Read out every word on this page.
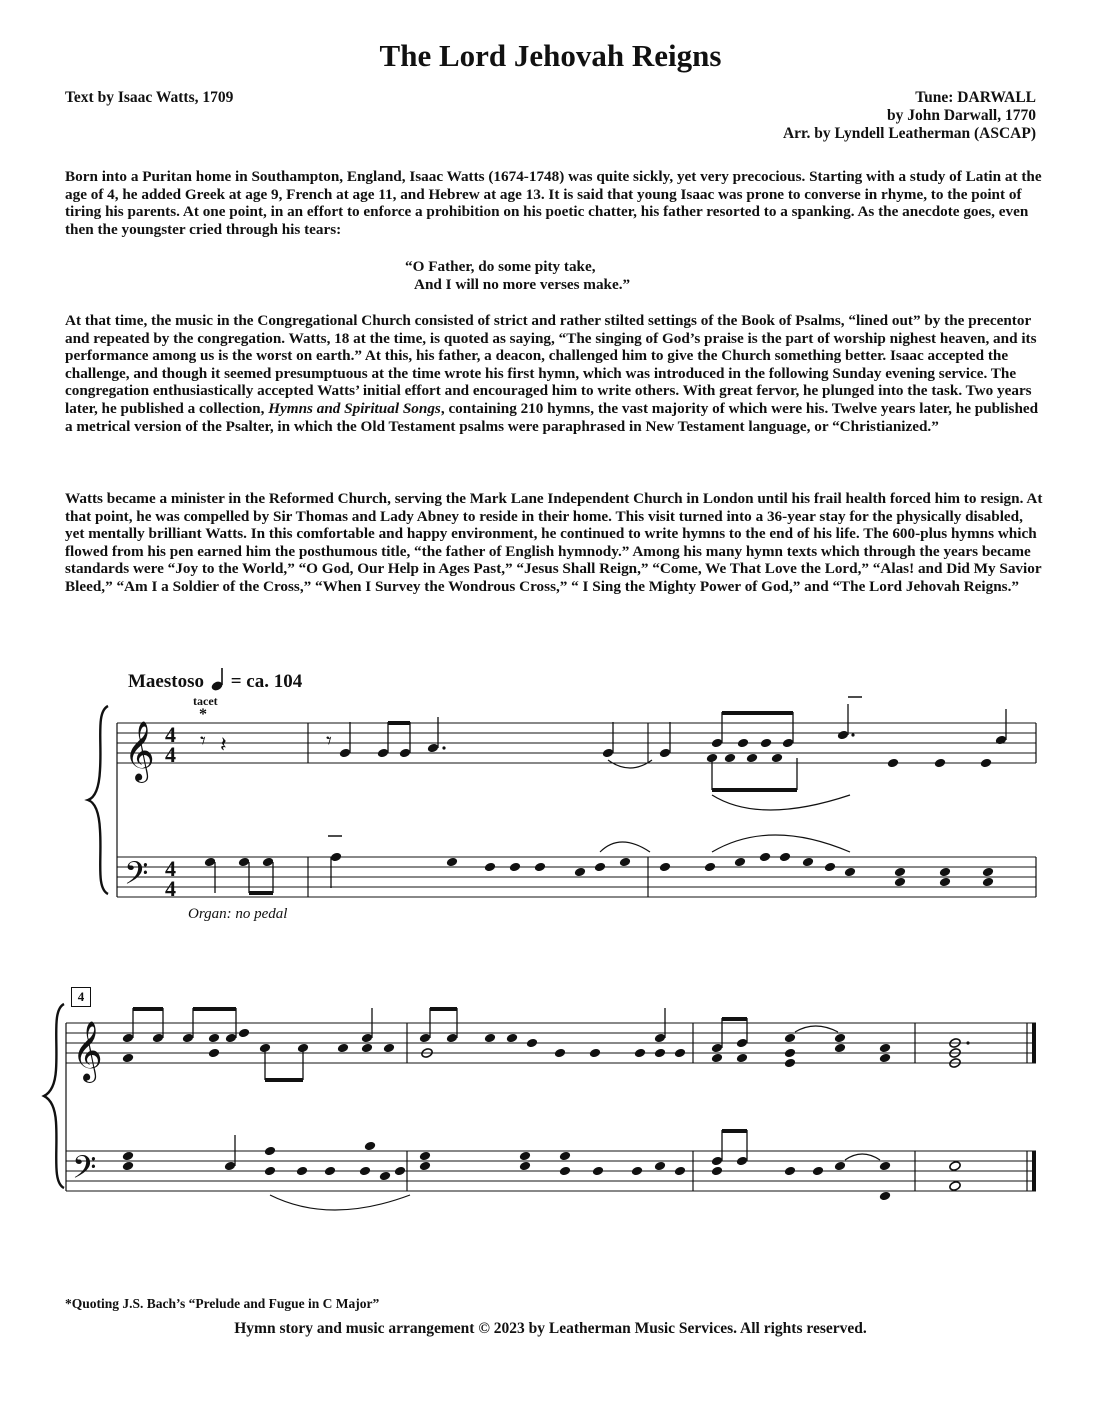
The Lord Jehovah Reigns
Text by Isaac Watts, 1709	Tune: DARWALL
by John Darwall, 1770
Arr. by Lyndell Leatherman (ASCAP)

Born into a Puritan home in Southampton, England, Isaac Watts (1674-1748) was quite sickly, yet very precocious. Starting with a study of Latin at the age of 4, he added Greek at age 9, French at age 11, and Hebrew at age 13. It is said that young Isaac was prone to converse in rhyme, to the point of tiring his parents. At one point, in an effort to enforce a prohibition on his poetic chatter, his father resorted to a spanking. As the anecdote goes, even then the youngster cried through his tears:

“O Father, do some pity take,
And I will no more verses make.”

At that time, the music in the Congregational Church consisted of strict and rather stilted settings of the Book of Psalms, “lined out” by the precentor and repeated by the congregation. Watts, 18 at the time, is quoted as saying, “The singing of God’s praise is the part of worship nighest heaven, and its performance among us is the worst on earth.” At this, his father, a deacon, challenged him to give the Church something better. Isaac accepted the challenge, and though it seemed presumptuous at the time wrote his first hymn, which was introduced in the following Sunday evening service. The congregation enthusiastically accepted Watts’ initial effort and encouraged him to write others. With great fervor, he plunged into the task. Two years later, he published a collection, Hymns and Spiritual Songs, containing 210 hymns, the vast majority of which were his. Twelve years later, he published a metrical version of the Psalter, in which the Old Testament psalms were paraphrased in New Testament language, or “Christianized.”

Watts became a minister in the Reformed Church, serving the Mark Lane Independent Church in London until his frail health forced him to resign. At that point, he was compelled by Sir Thomas and Lady Abney to reside in their home. This visit turned into a 36-year stay for the physically disabled, yet mentally brilliant Watts. In this comfortable and happy environment, he continued to write hymns to the end of his life. The 600-plus hymns which flowed from his pen earned him the posthumous title, “the father of English hymnody.” Among his many hymn texts which through the years became standards were “Joy to the World,” “O God, Our Help in Ages Past,” “Jesus Shall Reign,” “Come, We That Love the Lord,” “Alas! and Did My Savior Bleed,” “Am I a Soldier of the Cross,” “When I Survey the Wondrous Cross,” “ I Sing the Mighty Power of God,” and “The Lord Jehovah Reigns.”

Maestoso = ca. 104
tacet
*
Organ: no pedal
4
𝄞
𝄢
4
4
4
4
𝄾 𝄽	𝄾
𝄞
𝄢
*Quoting J.S. Bach’s “Prelude and Fugue in C Major”
Hymn story and music arrangement © 2023 by Leatherman Music Services. All rights reserved.
